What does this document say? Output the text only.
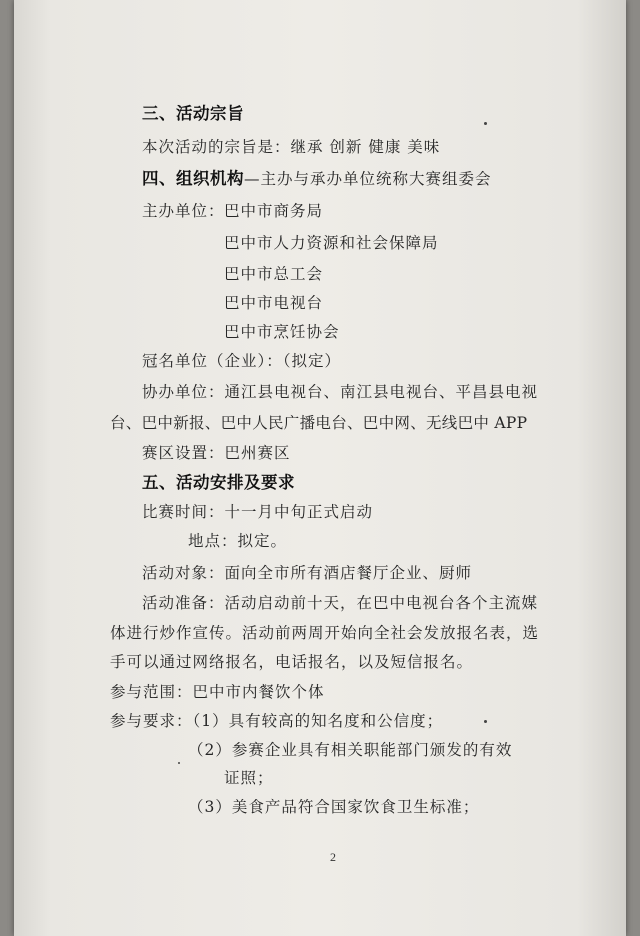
三、活动宗旨
本次活动的宗旨是：继承 创新 健康 美味
四、组织机构—主办与承办单位统称大赛组委会
主办单位： 巴中市商务局
巴中市人力资源和社会保障局
巴中市总工会
巴中市电视台
巴中市烹饪协会
冠名单位（企业）：（拟定）
协办单位：通江县电视台、南江县电视台、平昌县电视
台、巴中新报、巴中人民广播电台、巴中网、无线巴中 APP
赛区设置：巴州赛区
五、活动安排及要求
比赛时间：十一月中旬正式启动
地点：拟定。
活动对象：面向全市所有酒店餐厅企业、厨师
活动准备：活动启动前十天，在巴中电视台各个主流媒
体进行炒作宣传。活动前两周开始向全社会发放报名表，选
手可以通过网络报名，电话报名，以及短信报名。
参与范围：巴中市内餐饮个体
参与要求：（1）具有较高的知名度和公信度；
（2）参赛企业具有相关职能部门颁发的有效
证照；
（3）美食产品符合国家饮食卫生标准；
2
